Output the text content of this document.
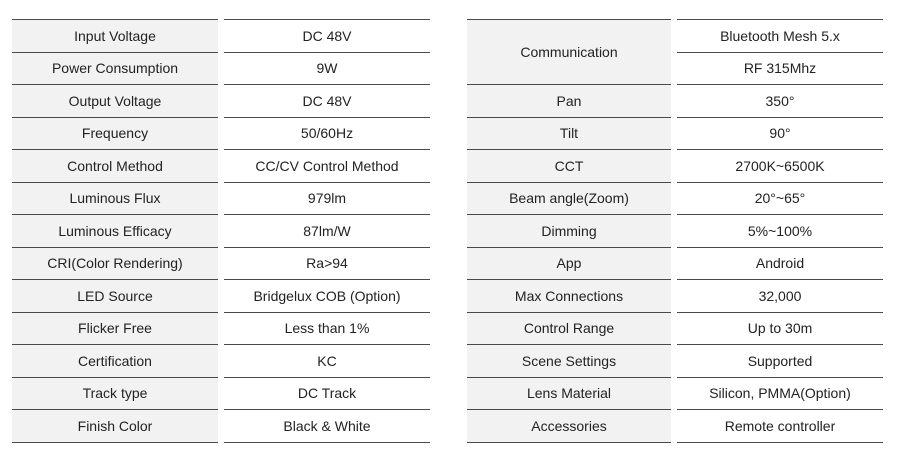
Input Voltage		DC 48V
Power Consumption		9W
Output Voltage		DC 48V
Frequency		50/60Hz
Control Method		CC/CV Control Method
Luminous Flux		979lm
Luminous Efficacy		87lm/W
CRI(Color Rendering)		Ra>94
LED Source		Bridgelux COB (Option)
Flicker Free		Less than 1%
Certification		KC
Track type		DC Track
Finish Color		Black & White
Communication		Bluetooth Mesh 5.x
		RF 315Mhz
Pan		350°
Tilt		90°
CCT		2700K~6500K
Beam angle(Zoom)		20°~65°
Dimming		5%~100%
App		Android
Max Connections		32,000
Control Range		Up to 30m
Scene Settings		Supported
Lens Material		Silicon, PMMA(Option)
Accessories		Remote controller
